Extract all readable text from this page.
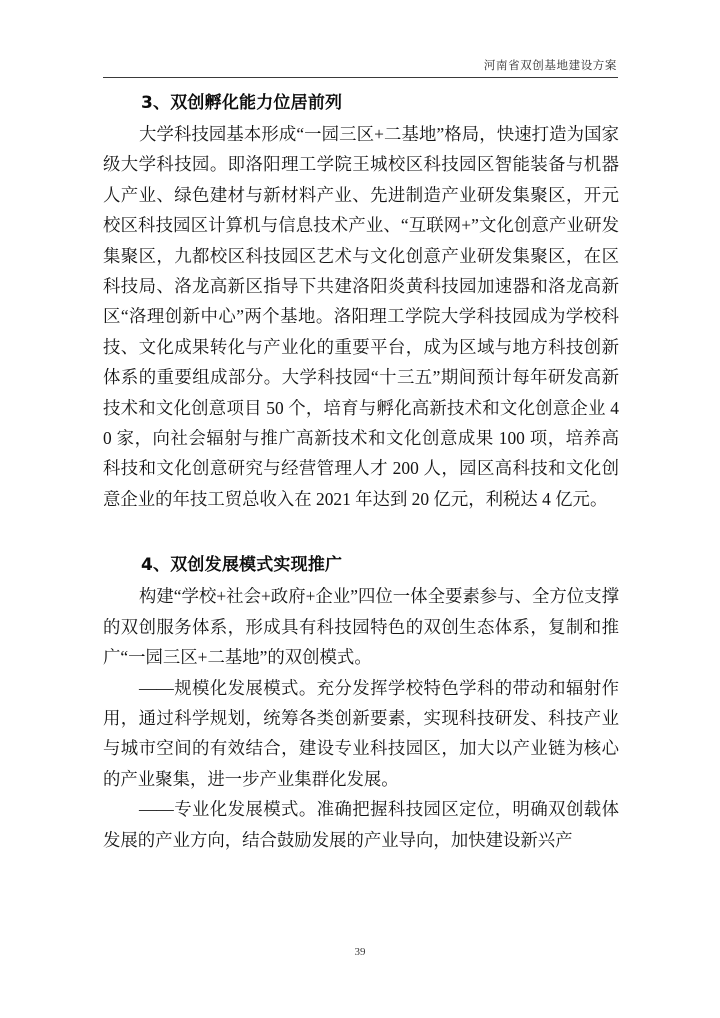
河南省双创基地建设方案
3、双创孵化能力位居前列

大学科技园基本形成“一园三区+二基地”格局，快速打造为国家级大学科技园。即洛阳理工学院王城校区科技园区智能装备与机器人产业、绿色建材与新材料产业、先进制造产业研发集聚区，开元校区科技园区计算机与信息技术产业、“互联网+”文化创意产业研发集聚区，九都校区科技园区艺术与文化创意产业研发集聚区，在区科技局、洛龙高新区指导下共建洛阳炎黄科技园加速器和洛龙高新区“洛理创新中心”两个基地。洛阳理工学院大学科技园成为学校科技、文化成果转化与产业化的重要平台，成为区域与地方科技创新体系的重要组成部分。大学科技园“十三五”期间预计每年研发高新技术和文化创意项目 50 个，培育与孵化高新技术和文化创意企业 40 家，向社会辐射与推广高新技术和文化创意成果 100 项，培养高科技和文化创意研究与经营管理人才 200 人，园区高科技和文化创意企业的年技工贸总收入在 2021 年达到 20 亿元，利税达 4 亿元。

4、双创发展模式实现推广

构建“学校+社会+政府+企业”四位一体全要素参与、全方位支撑的双创服务体系，形成具有科技园特色的双创生态体系，复制和推广“一园三区+二基地”的双创模式。

——规模化发展模式。充分发挥学校特色学科的带动和辐射作用，通过科学规划，统筹各类创新要素，实现科技研发、科技产业与城市空间的有效结合，建设专业科技园区，加大以产业链为核心的产业聚集，进一步产业集群化发展。

——专业化发展模式。准确把握科技园区定位，明确双创载体发展的产业方向，结合鼓励发展的产业导向，加快建设新兴产

39
